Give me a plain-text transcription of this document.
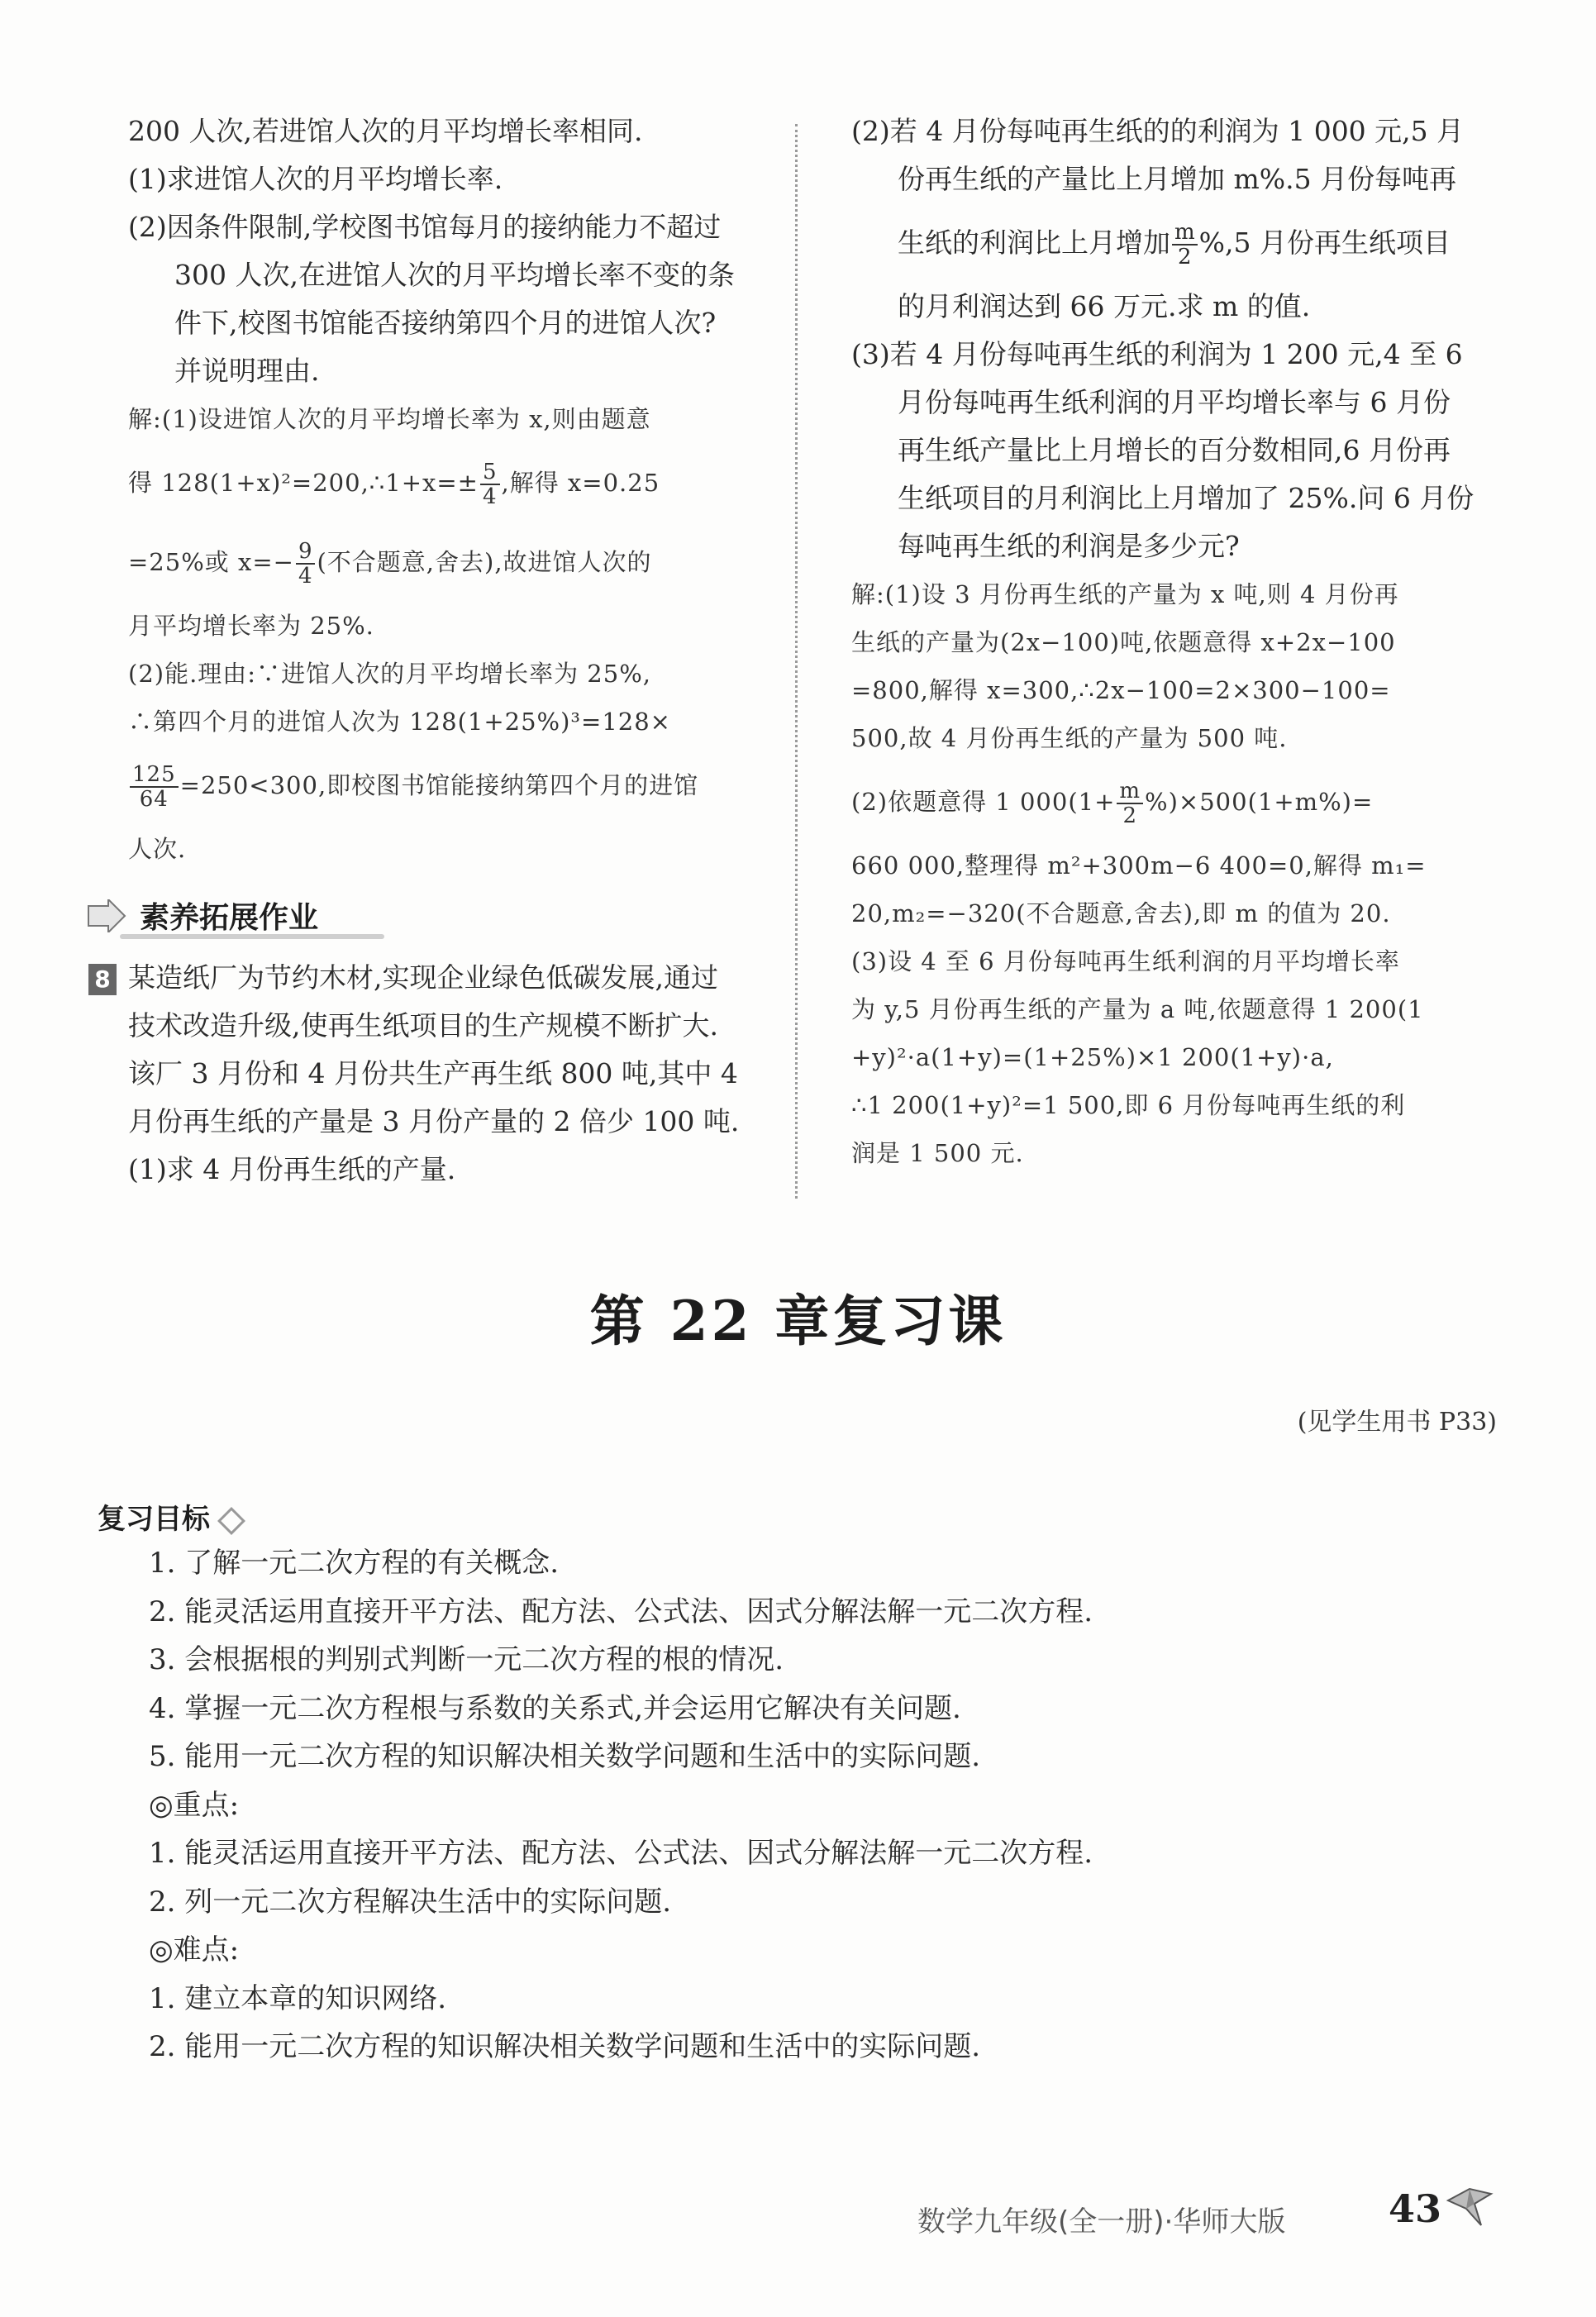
200 人次,若进馆人次的月平均增长率相同.

(1)求进馆人次的月平均增长率.

(2)因条件限制,学校图书馆每月的接纳能力不超过

300 人次,在进馆人次的月平均增长率不变的条

件下,校图书馆能否接纳第四个月的进馆人次?

并说明理由.

解:(1)设进馆人次的月平均增长率为 x,则由题意

得 128(1+x)²=200,∴1+x=± $\frac{5}{4}$ ,解得 x=0.25

=25%或 $x=- \frac{9}{4}$ (不合题意,舍去),故进馆人次的

月平均增长率为 25%.

(2)能.理由:∵进馆人次的月平均增长率为 25%,

∴第四个月的进馆人次为 128(1+25%)³=128×

$\frac{125}{64} =250<300$,即校图书馆能接纳第四个月的进馆

人次.

素养拓展作业

8 某造纸厂为节约木材,实现企业绿色低碳发展,通过

技术改造升级,使再生纸项目的生产规模不断扩大.

该厂 3 月份和 4 月份共生产再生纸 800 吨,其中 4

月份再生纸的产量是 3 月份产量的 2 倍少 100 吨.

(1)求 4 月份再生纸的产量.

(2)若 4 月份每吨再生纸的的利润为 1 000 元,5 月

份再生纸的产量比上月增加 m%.5 月份每吨再

生纸的利润比上月增加 $\frac{m}{2} \%,5$ 月份再生纸项目

的月利润达到 66 万元.求 m 的值.

(3)若 4 月份每吨再生纸的利润为 1 200 元,4 至 6

月份每吨再生纸利润的月平均增长率与 6 月份

再生纸产量比上月增长的百分数相同,6 月份再

生纸项目的月利润比上月增加了 25%.问 6 月份

每吨再生纸的利润是多少元?

解:(1)设 3 月份再生纸的产量为 x 吨,则 4 月份再

生纸的产量为(2x−100)吨,依题意得 x+2x−100

=800,解得 x=300,∴2x−100=2×300−100=

500,故 4 月份再生纸的产量为 500 吨.

(2)依题意得 1 $000(1+ \frac{m}{2} \%)\times 500(1+m\%)=$

660 000,整理得 m²+300m−6 400=0,解得 m₁=

20,m₂=−320(不合题意,舍去),即 m 的值为 20.

(3)设 4 至 6 月份每吨再生纸利润的月平均增长率

为 y,5 月份再生纸的产量为 a 吨,依题意得 1 200(1

+y)²·a(1+y)=(1+25%)×1 200(1+y)·a,

∴1 200(1+y)²=1 500,即 6 月份每吨再生纸的利

润是 1 500 元.

第 22 章复习课
(见学生用书 P33)
复习目标

1. 了解一元二次方程的有关概念.

2. 能灵活运用直接开平方法、配方法、公式法、因式分解法解一元二次方程.

3. 会根据根的判别式判断一元二次方程的根的情况.

4. 掌握一元二次方程根与系数的关系式,并会运用它解决有关问题.

5. 能用一元二次方程的知识解决相关数学问题和生活中的实际问题.

◎重点:

1. 能灵活运用直接开平方法、配方法、公式法、因式分解法解一元二次方程.

2. 列一元二次方程解决生活中的实际问题.

◎难点:

1. 建立本章的知识网络.

2. 能用一元二次方程的知识解决相关数学问题和生活中的实际问题.

数学九年级(全一册)·华师大版	43
